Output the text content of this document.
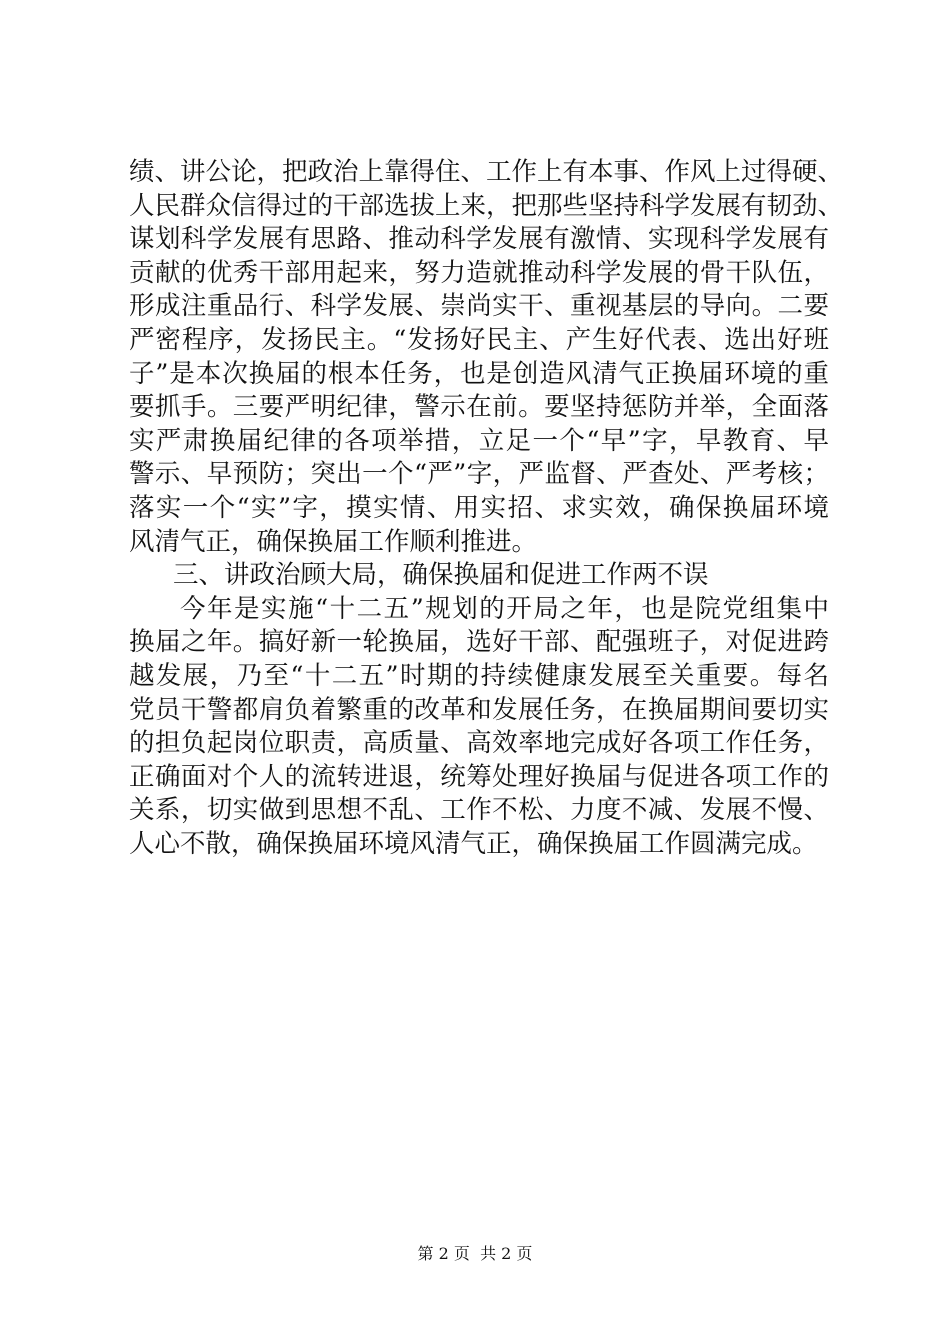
绩、讲公论，把政治上靠得住、工作上有本事、作风上过得硬、
人民群众信得过的干部选拔上来，把那些坚持科学发展有韧劲、
谋划科学发展有思路、推动科学发展有激情、实现科学发展有
贡献的优秀干部用起来，努力造就推动科学发展的骨干队伍，
形成注重品行、科学发展、崇尚实干、重视基层的导向。二要
严密程序，发扬民主。“发扬好民主、产生好代表、选出好班
子”是本次换届的根本任务，也是创造风清气正换届环境的重
要抓手。三要严明纪律，警示在前。要坚持惩防并举，全面落
实严肃换届纪律的各项举措，立足一个“早”字，早教育、早
警示、早预防；突出一个“严”字，严监督、严查处、严考核；
落实一个“实”字，摸实情、用实招、求实效，确保换届环境
风清气正，确保换届工作顺利推进。
三、讲政治顾大局，确保换届和促进工作两不误
今年是实施“十二五”规划的开局之年，也是院党组集中
换届之年。搞好新一轮换届，选好干部、配强班子，对促进跨
越发展，乃至“十二五”时期的持续健康发展至关重要。每名
党员干警都肩负着繁重的改革和发展任务，在换届期间要切实
的担负起岗位职责，高质量、高效率地完成好各项工作任务，
正确面对个人的流转进退，统筹处理好换届与促进各项工作的
关系，切实做到思想不乱、工作不松、力度不减、发展不慢、
人心不散，确保换届环境风清气正，确保换届工作圆满完成。
第 2 页  共 2 页
